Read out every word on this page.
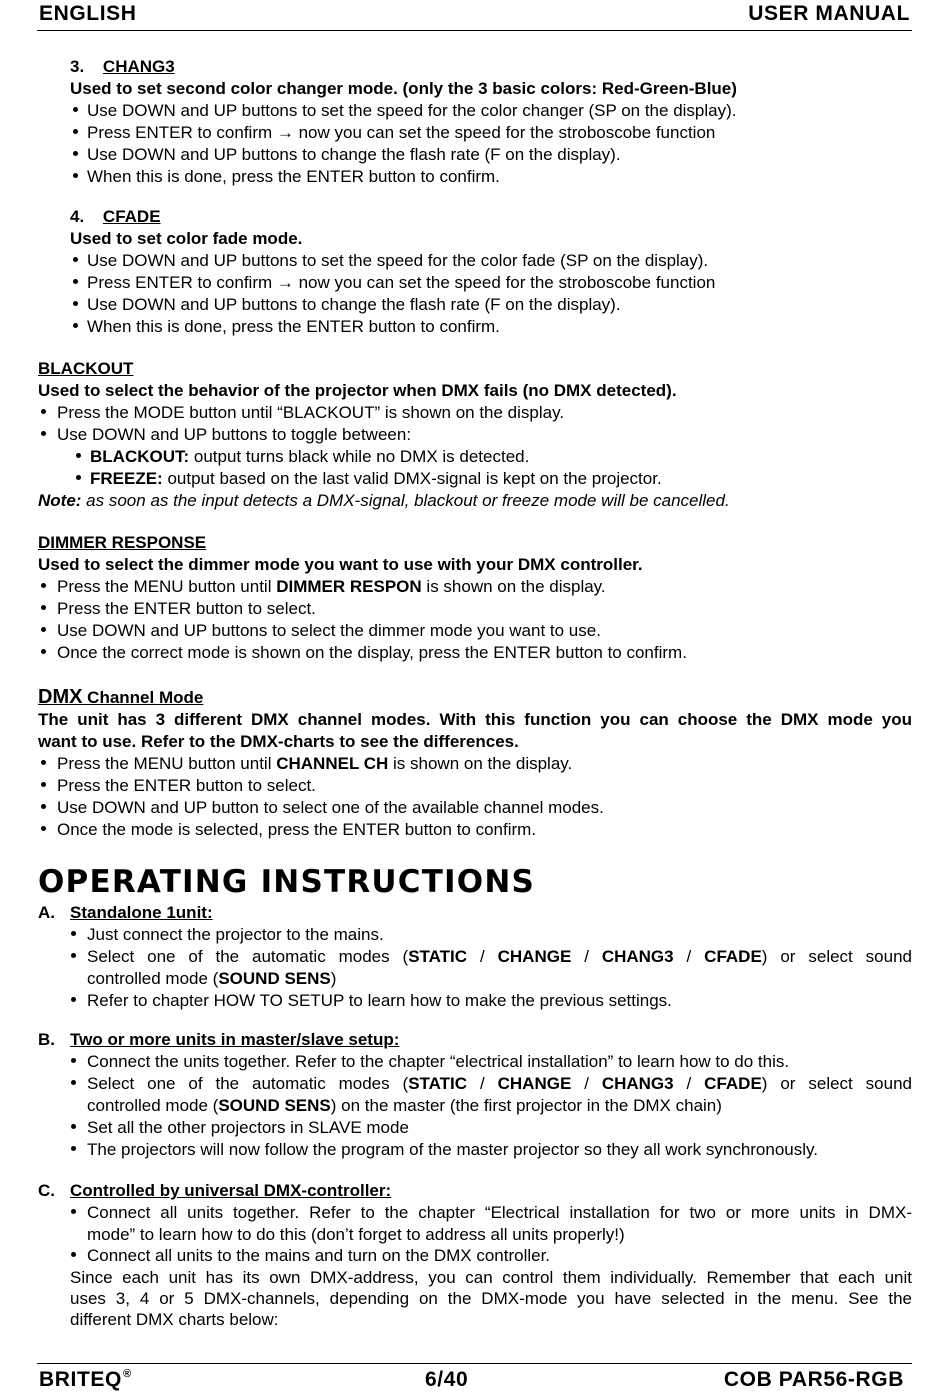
ENGLISH	USER MANUAL
3. CHANG3
Used to set second color changer mode. (only the 3 basic colors: Red-Green-Blue)
Use DOWN and UP buttons to set the speed for the color changer (SP on the display).
Press ENTER to confirm → now you can set the speed for the stroboscobe function
Use DOWN and UP buttons to change the flash rate (F on the display).
When this is done, press the ENTER button to confirm.
4. CFADE
Used to set color fade mode.
Use DOWN and UP buttons to set the speed for the color fade (SP on the display).
Press ENTER to confirm → now you can set the speed for the stroboscobe function
Use DOWN and UP buttons to change the flash rate (F on the display).
When this is done, press the ENTER button to confirm.
BLACKOUT
Used to select the behavior of the projector when DMX fails (no DMX detected).
Press the MODE button until “BLACKOUT” is shown on the display.
Use DOWN and UP buttons to toggle between:
BLACKOUT: output turns black while no DMX is detected.
FREEZE: output based on the last valid DMX-signal is kept on the projector.
Note: as soon as the input detects a DMX-signal, blackout or freeze mode will be cancelled.
DIMMER RESPONSE
Used to select the dimmer mode you want to use with your DMX controller.
Press the MENU button until DIMMER RESPON is shown on the display.
Press the ENTER button to select.
Use DOWN and UP buttons to select the dimmer mode you want to use.
Once the correct mode is shown on the display, press the ENTER button to confirm.
DMX Channel Mode
The unit has 3 different DMX channel modes. With this function you can choose the DMX mode you
want to use. Refer to the DMX-charts to see the differences.
Press the MENU button until CHANNEL CH is shown on the display.
Press the ENTER button to select.
Use DOWN and UP button to select one of the available channel modes.
Once the mode is selected, press the ENTER button to confirm.
OPERATING INSTRUCTIONS
A. Standalone 1unit:
Just connect the projector to the mains.
Select one of the automatic modes (STATIC / CHANGE / CHANG3 / CFADE) or select sound
controlled mode (SOUND SENS)
Refer to chapter HOW TO SETUP to learn how to make the previous settings.
B. Two or more units in master/slave setup:
Connect the units together. Refer to the chapter “electrical installation” to learn how to do this.
Select one of the automatic modes (STATIC / CHANGE / CHANG3 / CFADE) or select sound
controlled mode (SOUND SENS) on the master (the first projector in the DMX chain)
Set all the other projectors in SLAVE mode
The projectors will now follow the program of the master projector so they all work synchronously.
C. Controlled by universal DMX-controller:
Connect all units together. Refer to the chapter “Electrical installation for two or more units in DMX-
mode” to learn how to do this (don’t forget to address all units properly!)
Connect all units to the mains and turn on the DMX controller.
Since each unit has its own DMX-address, you can control them individually. Remember that each unit
uses 3, 4 or 5 DMX-channels, depending on the DMX-mode you have selected in the menu. See the
different DMX charts below:
BRITEQ®	6/40	COB PAR56-RGB
